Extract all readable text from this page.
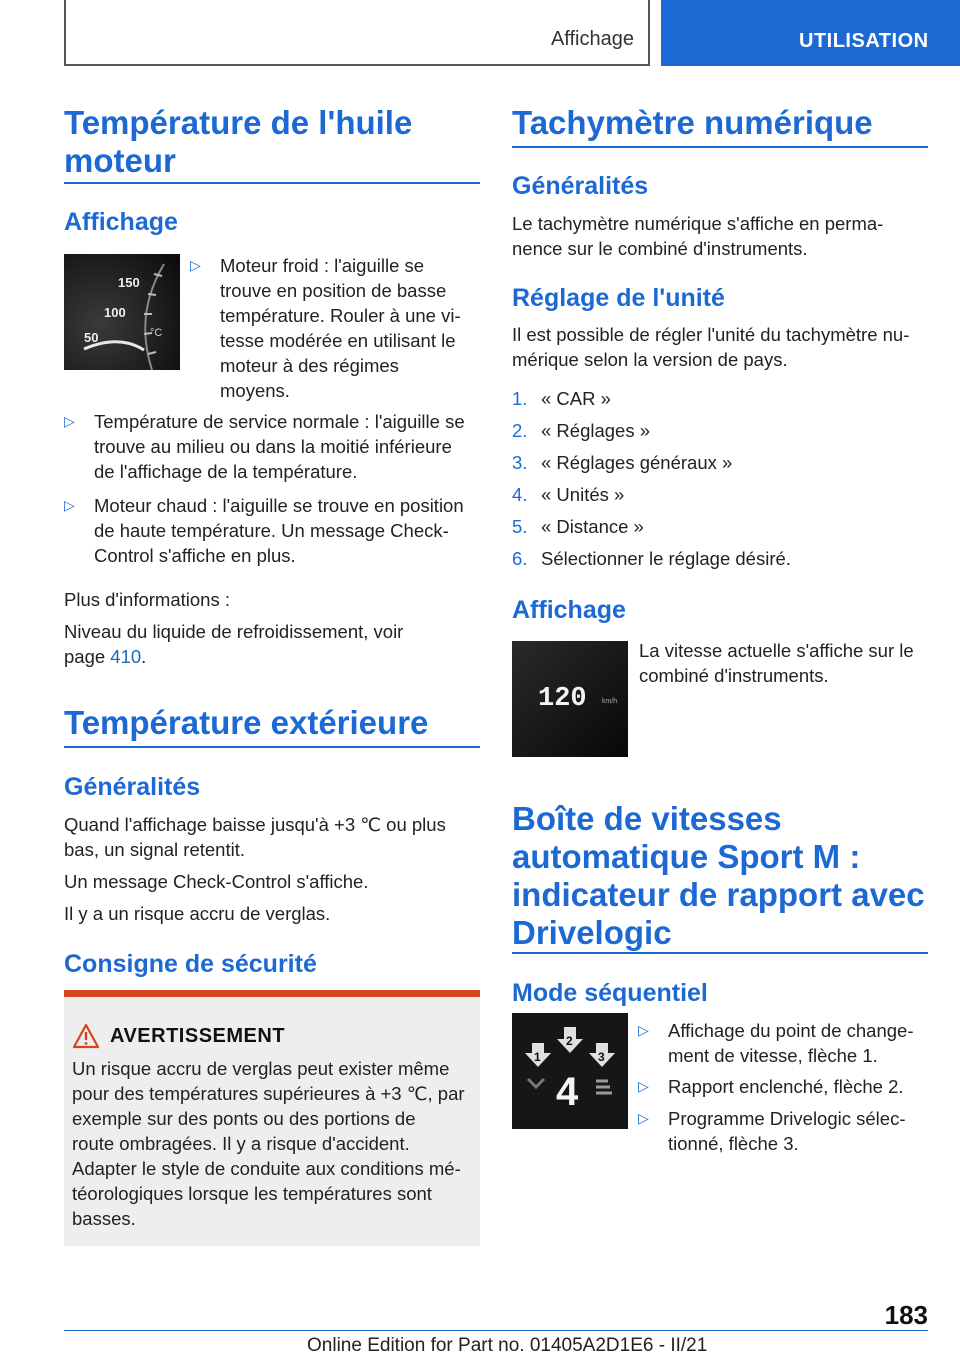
Affichage	UTILISATION
Température de l'huile
moteur
Affichage
150
100
50	°C
▷ Moteur froid : l'aiguille se
trouve en position de basse
température. Rouler à une vi-
tesse modérée en utilisant le
moteur à des régimes
moyens.
▷ Température de service normale : l'aiguille se
trouve au milieu ou dans la moitié inférieure
de l'affichage de la température.
▷ Moteur chaud : l'aiguille se trouve en position
de haute température. Un message Check-
Control s'affiche en plus.

Plus d'informations :

Niveau du liquide de refroidissement, voir
page 410.

Température extérieure
Généralités

Quand l'affichage baisse jusqu'à +3 ℃ ou plus
bas, un signal retentit.

Un message Check-Control s'affiche.

Il y a un risque accru de verglas.

Consigne de sécurité
AVERTISSEMENT
Un risque accru de verglas peut exister même
pour des températures supérieures à +3 ℃, par
exemple sur des ponts ou des portions de
route ombragées. Il y a risque d'accident.
Adapter le style de conduite aux conditions mé-
téorologiques lorsque les températures sont
basses.
Tachymètre numérique
Généralités

Le tachymètre numérique s'affiche en perma-
nence sur le combiné d'instruments.

Réglage de l'unité

Il est possible de régler l'unité du tachymètre nu-
mérique selon la version de pays.

1. « CAR »
2. « Réglages »
3. « Réglages généraux »
4. « Unités »
5. « Distance »
6. Sélectionner le réglage désiré.
Affichage
120 km/h

La vitesse actuelle s'affiche sur le
combiné d'instruments.

Boîte de vitesses
automatique Sport M :
indicateur de rapport avec
Drivelogic
Mode séquentiel
1
2
3
4
▷ Affichage du point de change-
ment de vitesse, flèche 1.
▷ Rapport enclenché, flèche 2.
▷ Programme Drivelogic sélec-
tionné, flèche 3.
183
Online Edition for Part no. 01405A2D1E6 - II/21
